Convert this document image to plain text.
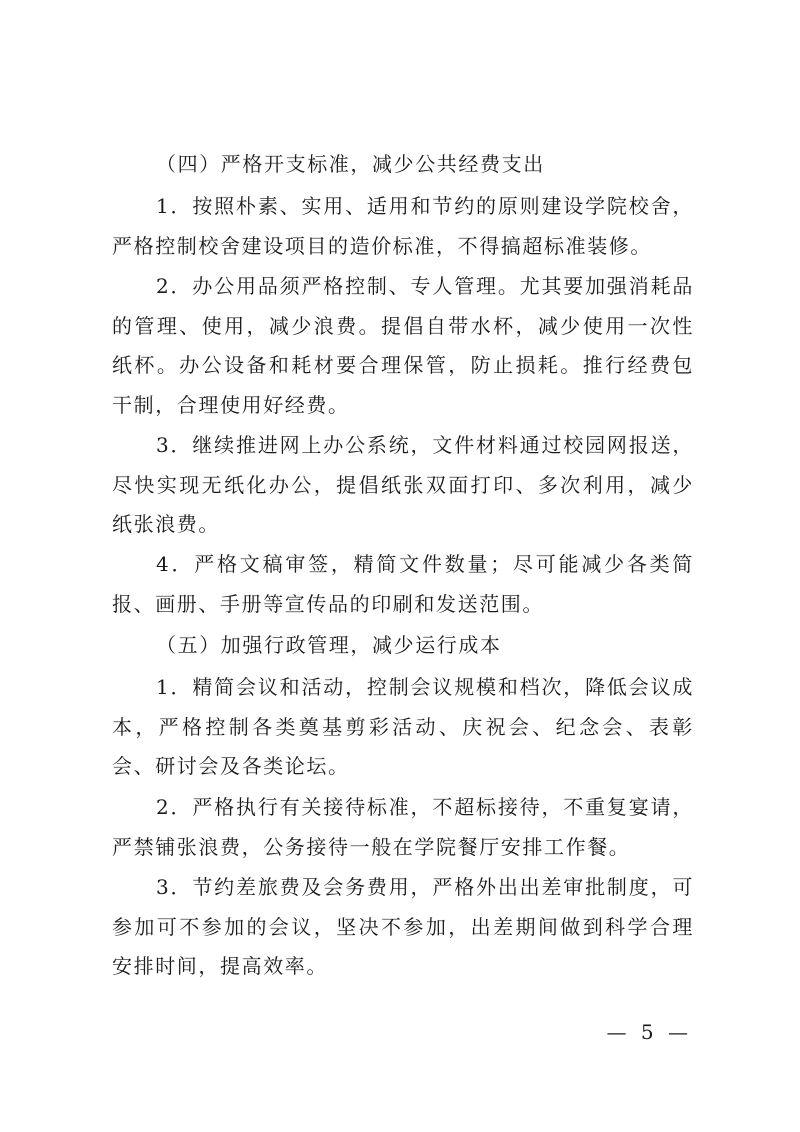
（四）严格开支标准，减少公共经费支出

1．按照朴素、实用、适用和节约的原则建设学院校舍，严格控制校舍建设项目的造价标准，不得搞超标准装修。

2．办公用品须严格控制、专人管理。尤其要加强消耗品的管理、使用，减少浪费。提倡自带水杯，减少使用一次性纸杯。办公设备和耗材要合理保管，防止损耗。推行经费包干制，合理使用好经费。

3．继续推进网上办公系统，文件材料通过校园网报送，尽快实现无纸化办公，提倡纸张双面打印、多次利用，减少纸张浪费。

4．严格文稿审签，精简文件数量；尽可能减少各类简报、画册、手册等宣传品的印刷和发送范围。

（五）加强行政管理，减少运行成本

1．精简会议和活动，控制会议规模和档次，降低会议成本，严格控制各类奠基剪彩活动、庆祝会、纪念会、表彰会、研讨会及各类论坛。

2．严格执行有关接待标准，不超标接待，不重复宴请，严禁铺张浪费，公务接待一般在学院餐厅安排工作餐。

3．节约差旅费及会务费用，严格外出出差审批制度，可参加可不参加的会议，坚决不参加，出差期间做到科学合理安排时间，提高效率。

— 5 —
